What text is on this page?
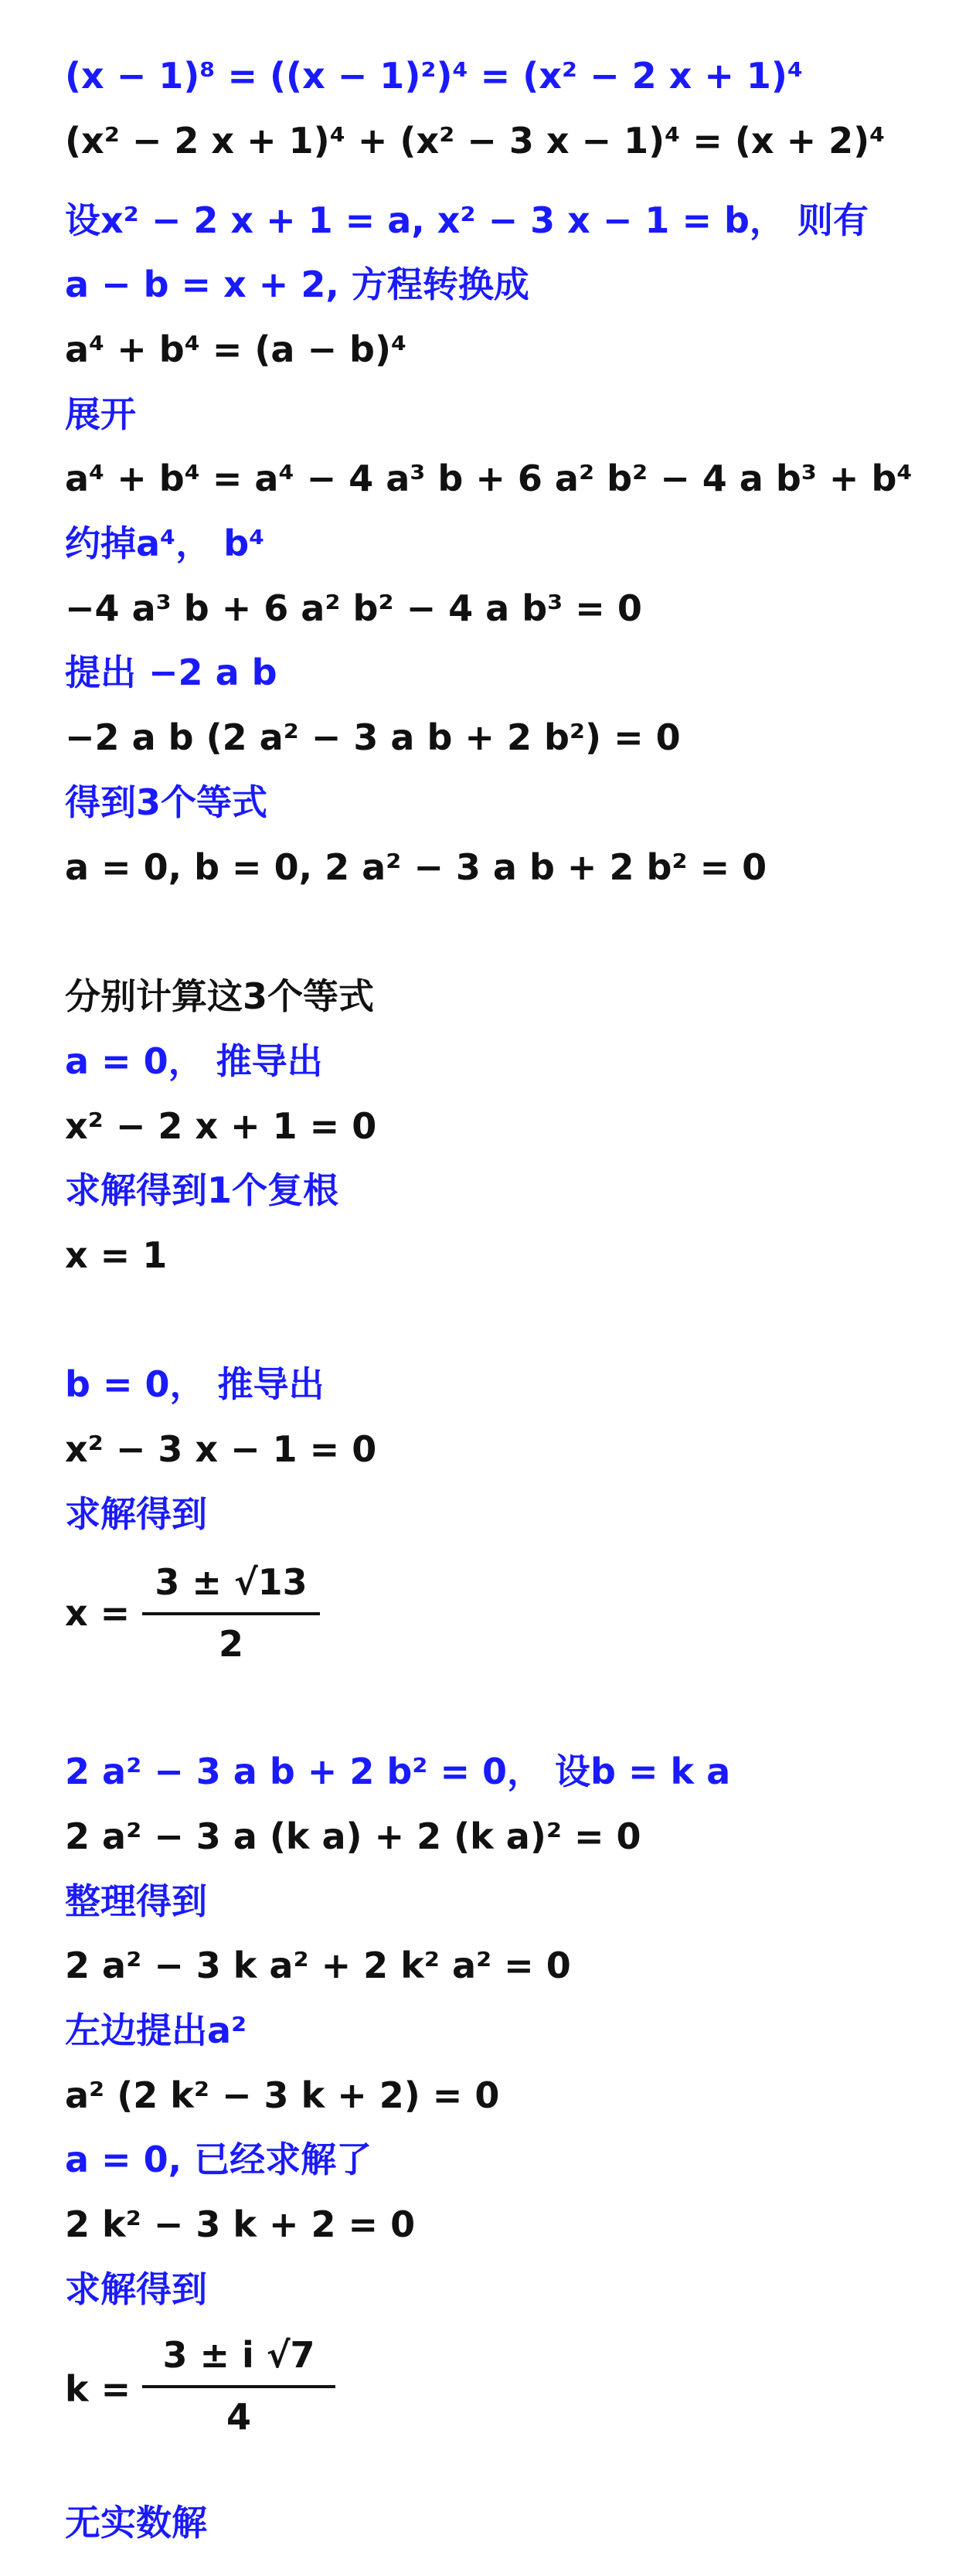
(x − 1)⁸ = ((x − 1)²)⁴ = (x² − 2 x + 1)⁴
(x² − 2 x + 1)⁴ + (x² − 3 x − 1)⁴ = (x + 2)⁴
设x² − 2 x + 1 = a, x² − 3 x − 1 = b， 则有
a − b = x + 2, 方程转换成
a⁴ + b⁴ = (a − b)⁴
展开
a⁴ + b⁴ = a⁴ − 4 a³ b + 6 a² b² − 4 a b³ + b⁴
约掉a⁴， b⁴
−4 a³ b + 6 a² b² − 4 a b³ = 0
提出 −2 a b
−2 a b (2 a² − 3 a b + 2 b²) = 0
得到3个等式
a = 0, b = 0, 2 a² − 3 a b + 2 b² = 0
分别计算这3个等式
a = 0， 推导出
x² − 2 x + 1 = 0
求解得到1个复根
x = 1
b = 0， 推导出
x² − 3 x − 1 = 0
求解得到
x =
3 ± √13
2
2 a² − 3 a b + 2 b² = 0， 设b = k a
2 a² − 3 a (k a) + 2 (k a)² = 0
整理得到
2 a² − 3 k a² + 2 k² a² = 0
左边提出a²
a² (2 k² − 3 k + 2) = 0
a = 0, 已经求解了
2 k² − 3 k + 2 = 0
求解得到
k =
3 ± i √7
4
无实数解
